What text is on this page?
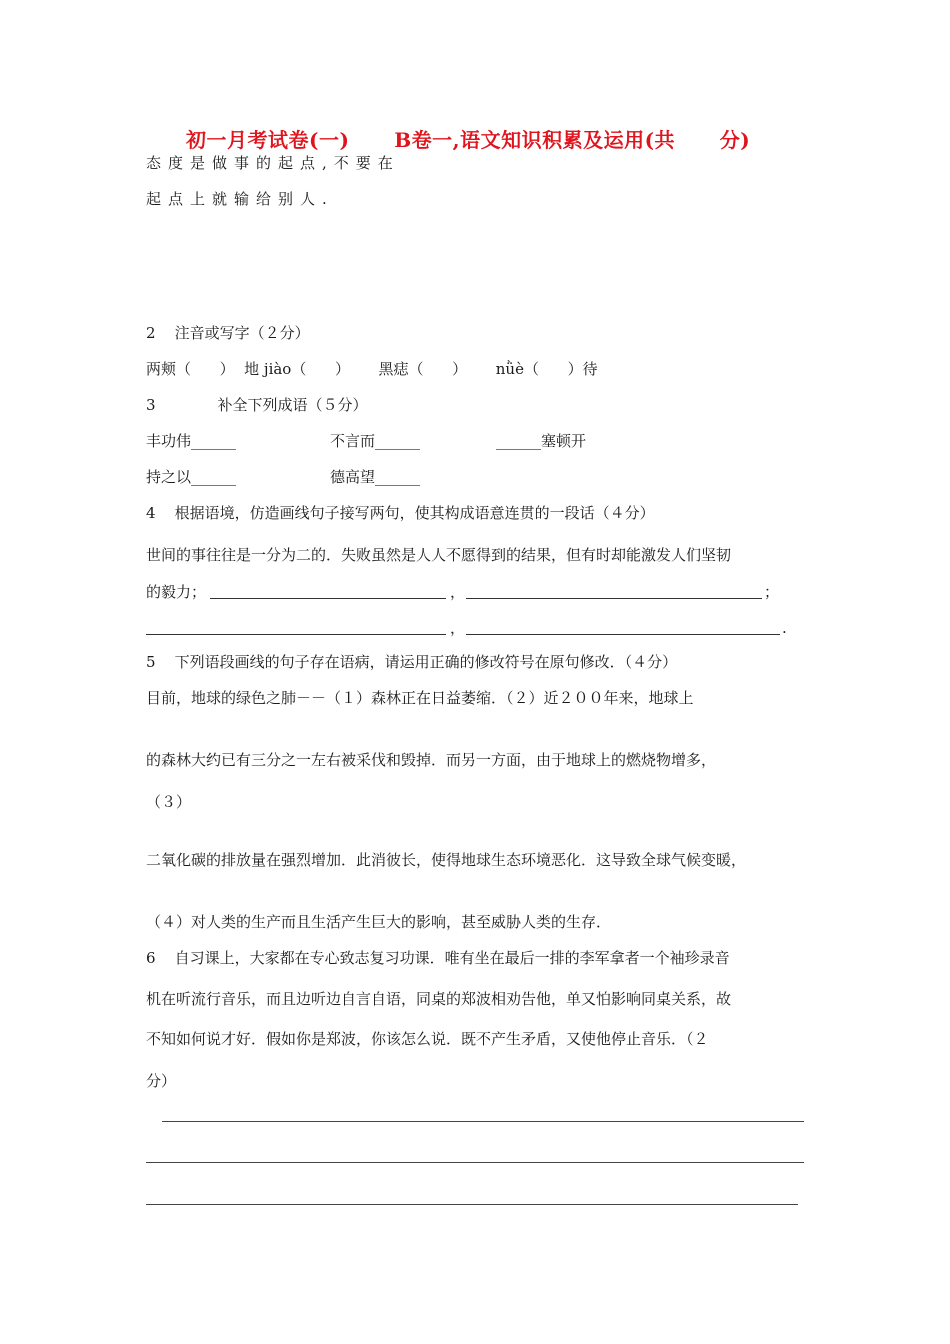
初一月考试卷(一)      B卷一,语文知识积累及运用(共      分)
态度是做事的起点,不要在
起点上就输给别人.
2    注音或写字（２分）
两颊（      ）  地 jiào（      ）      黑痣（      ）      nǜè（      ）待
3             补全下列成语（５分）
丰功伟______	不言而______	______塞顿开
持之以______	德高望______
4    根据语境，仿造画线句子接写两句，使其构成语意连贯的一段话（４分）
世间的事往往是一分为二的．失败虽然是人人不愿得到的结果，但有时却能激发人们坚韧
的毅力；	，	；
，	.
5    下列语段画线的句子存在语病，请运用正确的修改符号在原句修改．（４分）
目前，地球的绿色之肺－－（１）森林正在日益萎缩．（２）近２００年来，地球上
的森林大约已有三分之一左右被采伐和毁掉．而另一方面，由于地球上的燃烧物增多，
（３）
二氧化碳的排放量在强烈增加．此消彼长，使得地球生态环境恶化．这导致全球气候变暖，
（４）对人类的生产而且生活产生巨大的影响，甚至威胁人类的生存．
6    自习课上，大家都在专心致志复习功课．唯有坐在最后一排的李军拿者一个袖珍录音
机在听流行音乐，而且边听边自言自语，同桌的郑波相劝告他，单又怕影响同桌关系，故
不知如何说才好．假如你是郑波，你该怎么说．既不产生矛盾，又使他停止音乐．（２
分）
